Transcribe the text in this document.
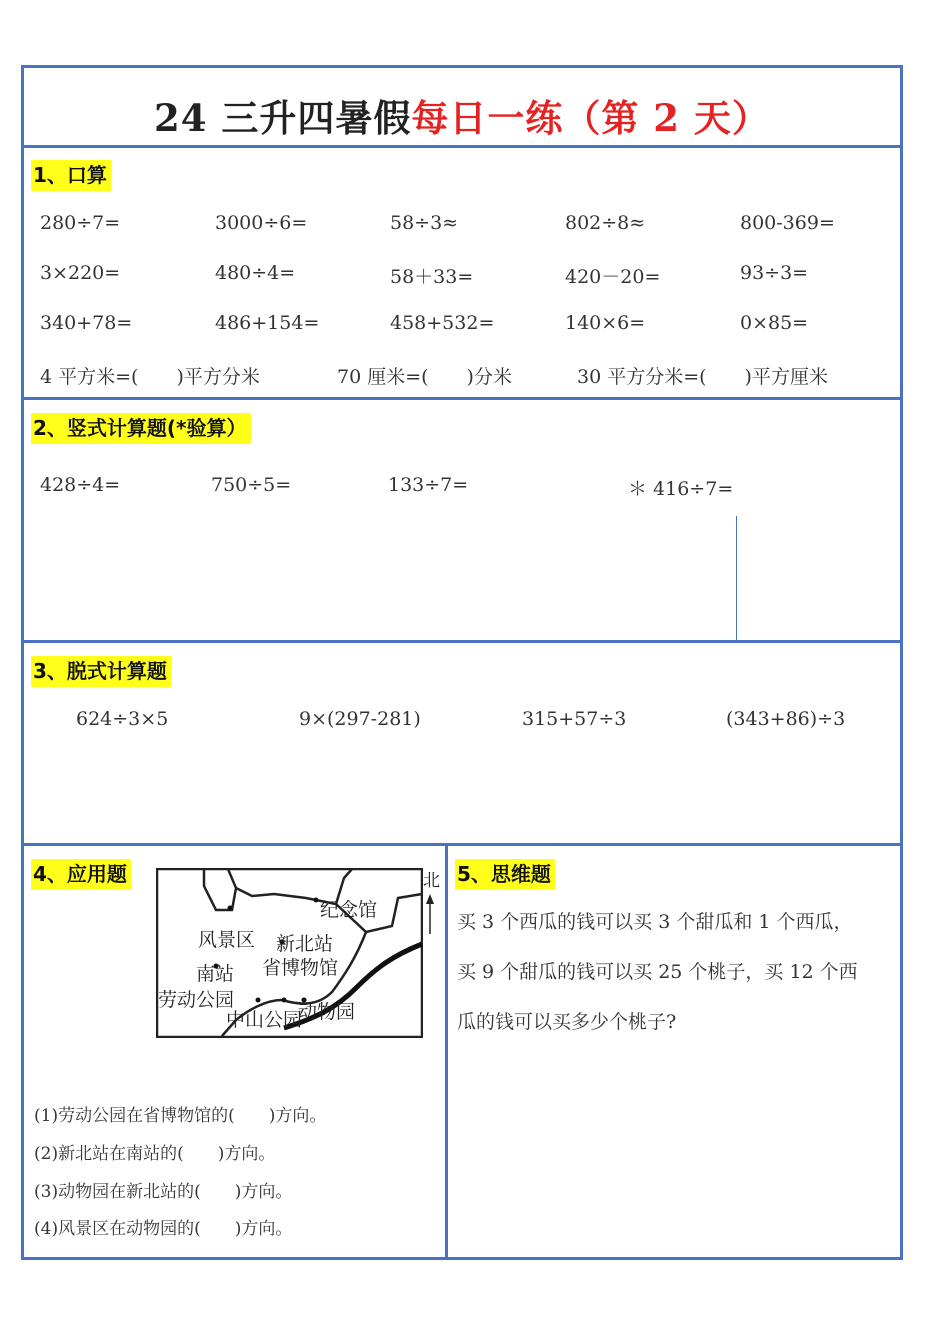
24 三升四暑假每日一练（第 2 天）
1、口算
280÷7=	3000÷6=	58÷3≈	802÷8≈	800-369=
3×220=	480÷4=	58＋33=	420－20=	93÷3=
340+78=	486+154=	458+532=	140×6=	0×85=
4 平方米=(　　)平方分米	70 厘米=(　　)分米	30 平方分米=(　　)平方厘米
2、竖式计算题(*验算）
428÷4=	750÷5=	133÷7=	＊ 416÷7=
3、脱式计算题
624÷3×5	9×(297-281)	315+57÷3	(343+86)÷3
4、应用题
纪念馆
风景区 新北站
省博物馆
南站
劳动公园
中山公园
动物园
北
(1)劳动公园在省博物馆的(　　)方向。
(2)新北站在南站的(　　)方向。
(3)动物园在新北站的(　　)方向。
(4)风景区在动物园的(　　)方向。
5、思维题
买 3 个西瓜的钱可以买 3 个甜瓜和 1 个西瓜，
买 9 个甜瓜的钱可以买 25 个桃子，买 12 个西
瓜的钱可以买多少个桃子?
